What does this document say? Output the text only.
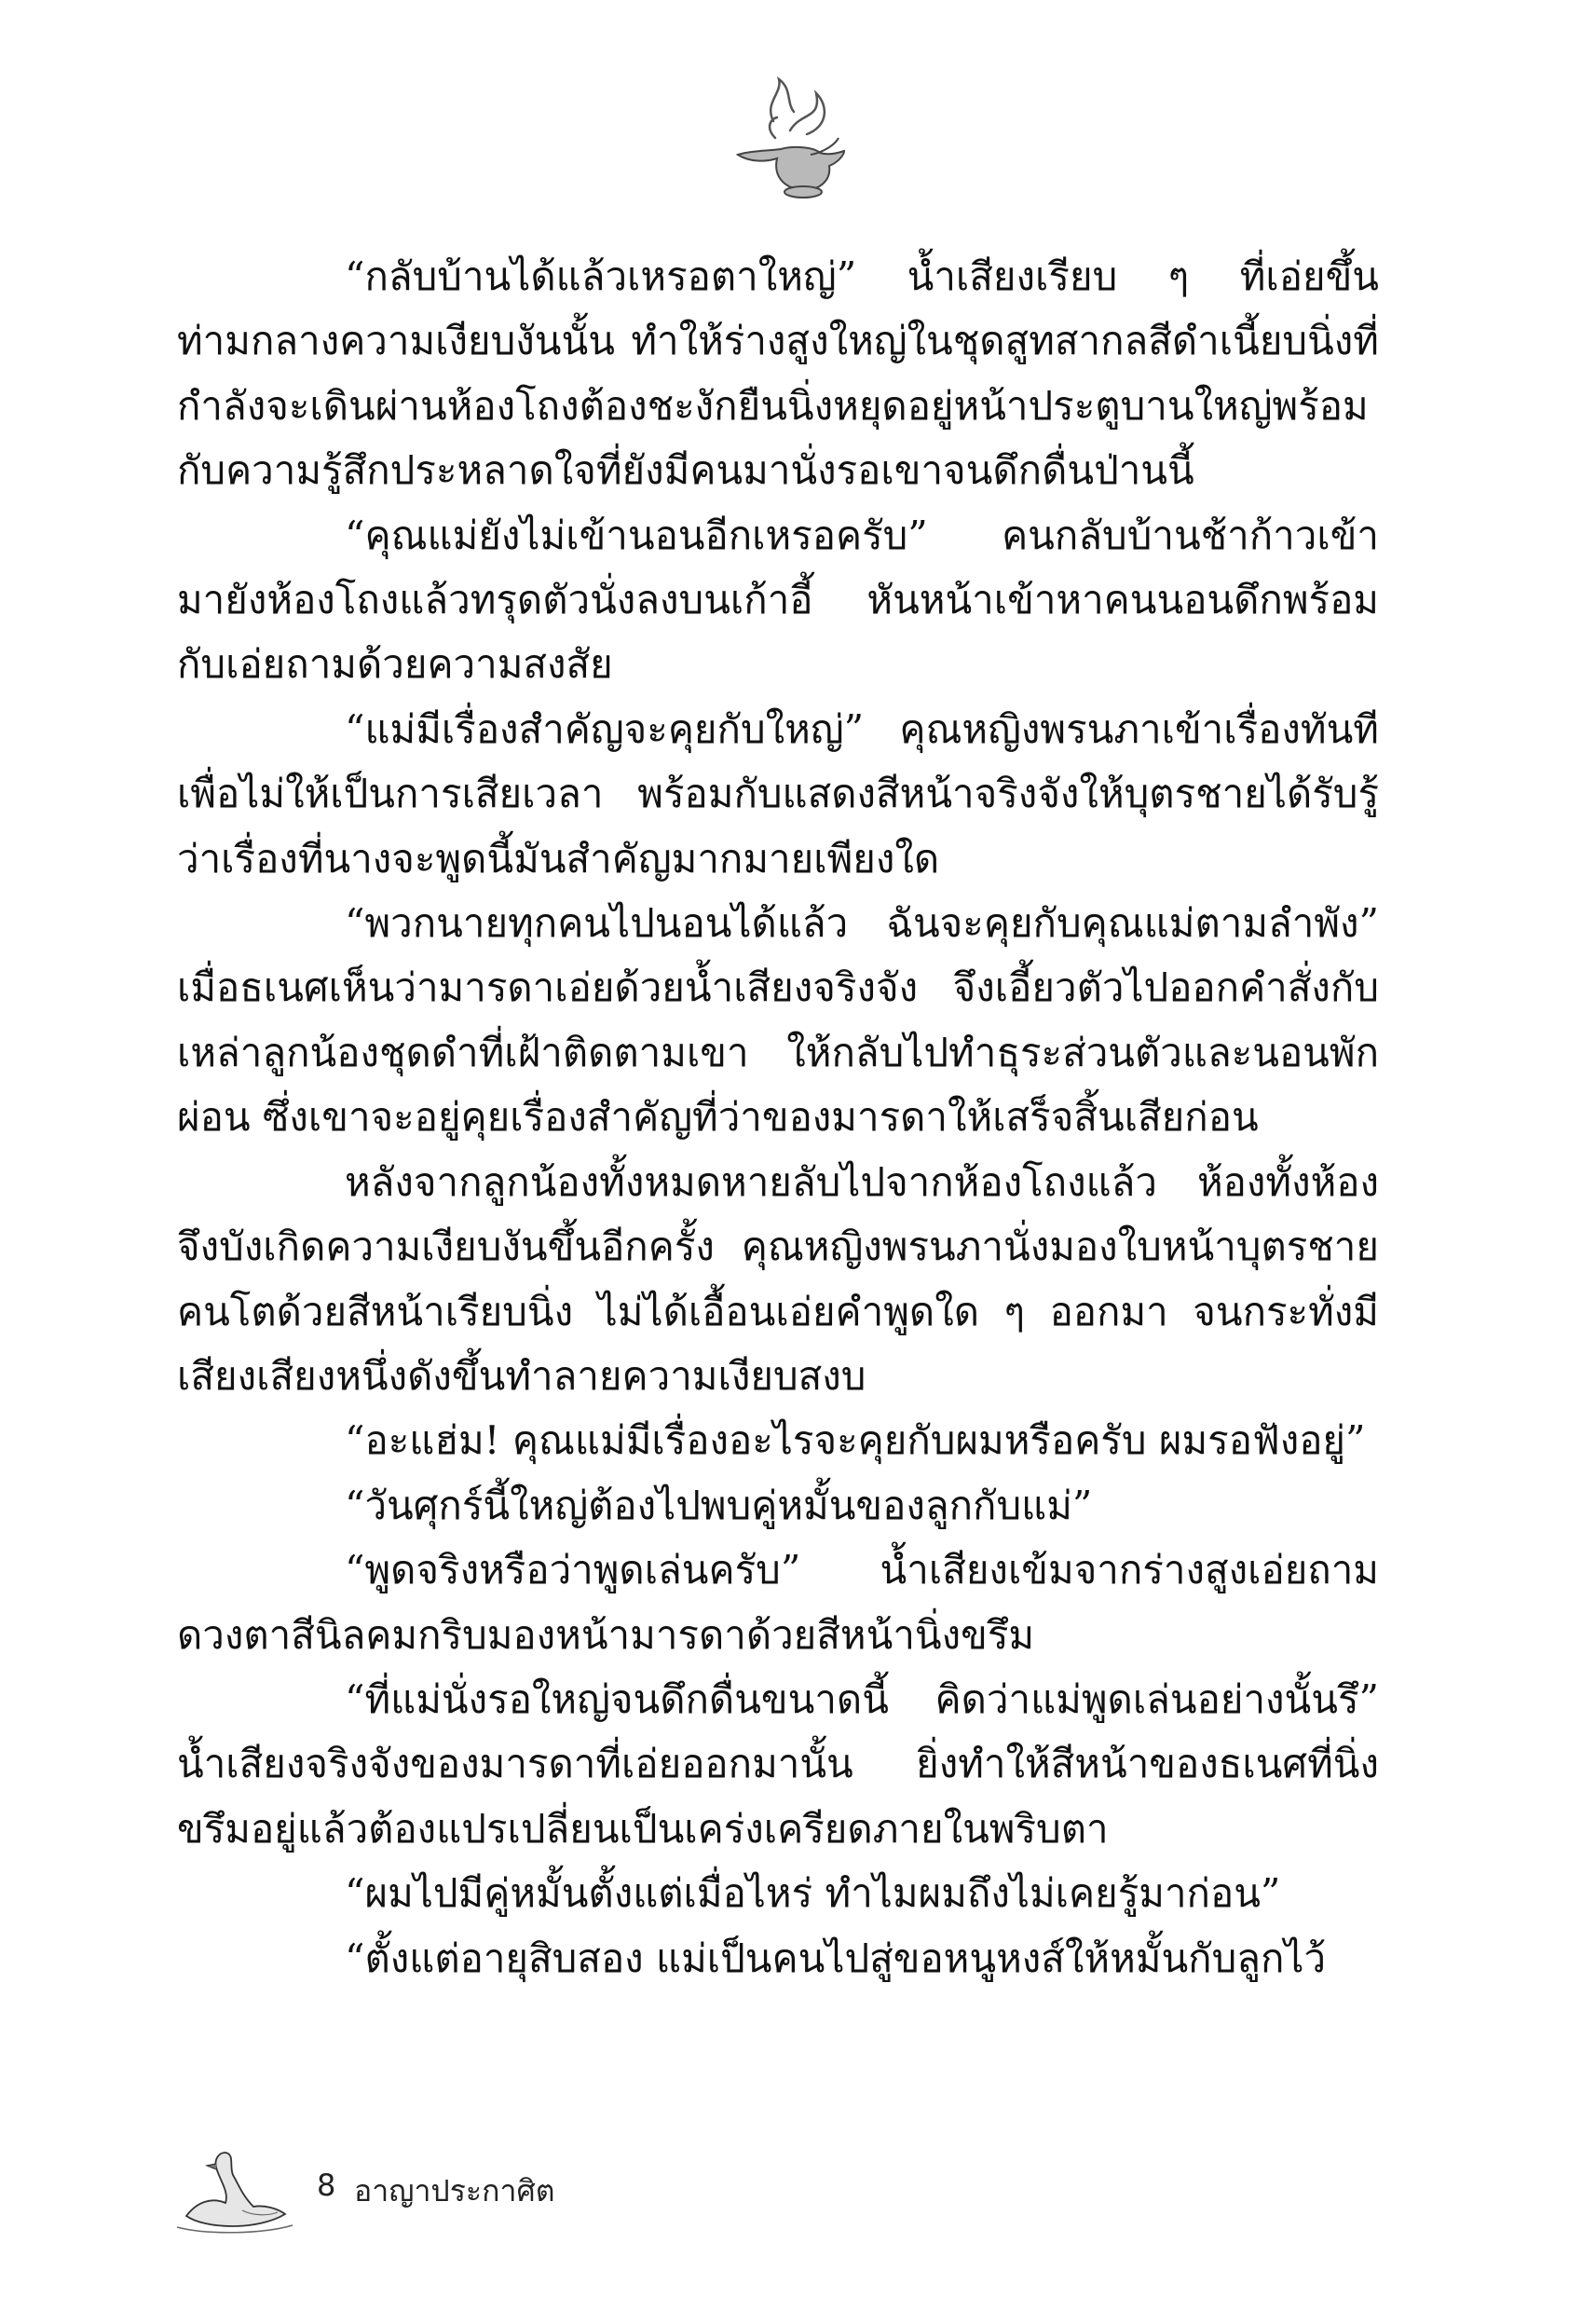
“กลับบ้านได้แล้วเหรอตาใหญ่” น้ำเสียงเรียบ ๆ ที่เอ่ยขึ้นท่ามกลางความเงียบงันนั้น ทำให้ร่างสูงใหญ่ในชุดสูทสากลสีดำเนี้ยบนิ่งที่กำลังจะเดินผ่านห้องโถงต้องชะงักยืนนิ่งหยุดอยู่หน้าประตูบานใหญ่พร้อมกับความรู้สึกประหลาดใจที่ยังมีคนมานั่งรอเขาจนดึกดื่นป่านนี้

“คุณแม่ยังไม่เข้านอนอีกเหรอครับ” คนกลับบ้านช้าก้าวเข้ามายังห้องโถงแล้วทรุดตัวนั่งลงบนเก้าอี้ หันหน้าเข้าหาคนนอนดึกพร้อมกับเอ่ยถามด้วยความสงสัย

“แม่มีเรื่องสำคัญจะคุยกับใหญ่” คุณหญิงพรนภาเข้าเรื่องทันทีเพื่อไม่ให้เป็นการเสียเวลา พร้อมกับแสดงสีหน้าจริงจังให้บุตรชายได้รับรู้ว่าเรื่องที่นางจะพูดนี้มันสำคัญมากมายเพียงใด

“พวกนายทุกคนไปนอนได้แล้ว ฉันจะคุยกับคุณแม่ตามลำพัง” เมื่อธเนศเห็นว่ามารดาเอ่ยด้วยน้ำเสียงจริงจัง จึงเอี้ยวตัวไปออกคำสั่งกับเหล่าลูกน้องชุดดำที่เฝ้าติดตามเขา ให้กลับไปทำธุระส่วนตัวและนอนพักผ่อน ซึ่งเขาจะอยู่คุยเรื่องสำคัญที่ว่าของมารดาให้เสร็จสิ้นเสียก่อน

หลังจากลูกน้องทั้งหมดหายลับไปจากห้องโถงแล้ว ห้องทั้งห้องจึงบังเกิดความเงียบงันขึ้นอีกครั้ง คุณหญิงพรนภานั่งมองใบหน้าบุตรชายคนโตด้วยสีหน้าเรียบนิ่ง ไม่ได้เอื้อนเอ่ยคำพูดใด ๆ ออกมา จนกระทั่งมีเสียงเสียงหนึ่งดังขึ้นทำลายความเงียบสงบ

“อะแฮ่ม! คุณแม่มีเรื่องอะไรจะคุยกับผมหรือครับ ผมรอฟังอยู่”

“วันศุกร์นี้ใหญ่ต้องไปพบคู่หมั้นของลูกกับแม่”

“พูดจริงหรือว่าพูดเล่นครับ” น้ำเสียงเข้มจากร่างสูงเอ่ยถามดวงตาสีนิลคมกริบมองหน้ามารดาด้วยสีหน้านิ่งขรึม

“ที่แม่นั่งรอใหญ่จนดึกดื่นขนาดนี้ คิดว่าแม่พูดเล่นอย่างนั้นรึ” น้ำเสียงจริงจังของมารดาที่เอ่ยออกมานั้น ยิ่งทำให้สีหน้าของธเนศที่นิ่งขรึมอยู่แล้วต้องแปรเปลี่ยนเป็นเคร่งเครียดภายในพริบตา

“ผมไปมีคู่หมั้นตั้งแต่เมื่อไหร่ ทำไมผมถึงไม่เคยรู้มาก่อน”

“ตั้งแต่อายุสิบสอง แม่เป็นคนไปสู่ขอหนูหงส์ให้หมั้นกับลูกไว้

8 อาญาประกาศิต
